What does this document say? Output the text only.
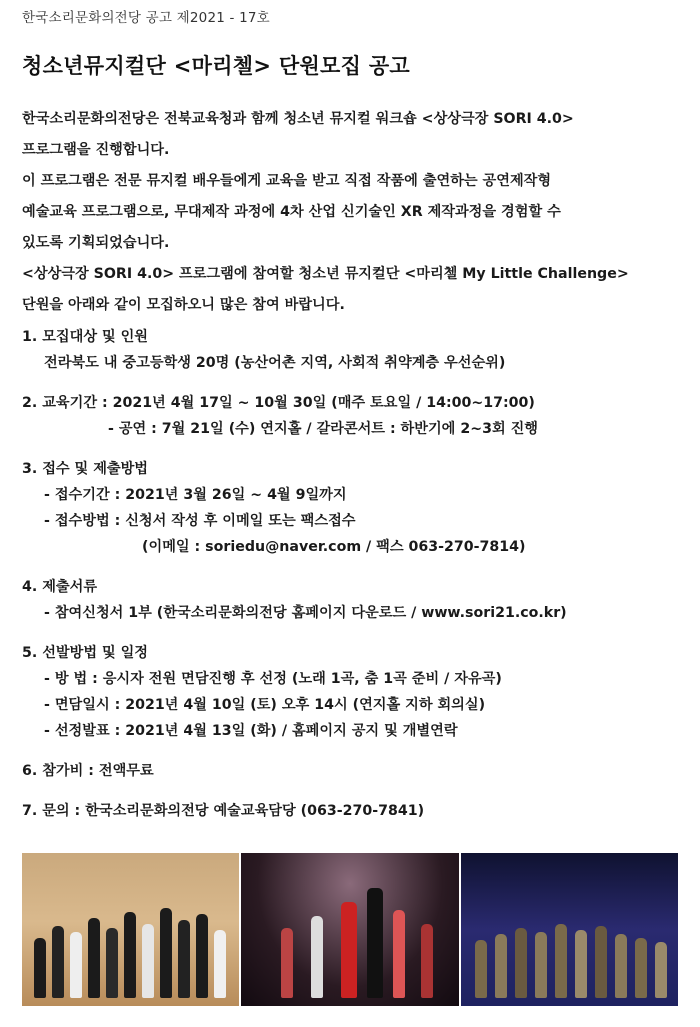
한국소리문화의전당 공고 제2021 - 17호
청소년뮤지컬단 <마리첼> 단원모집 공고
한국소리문화의전당은 전북교육청과 함께 청소년 뮤지컬 워크숍 <상상극장 SORI 4.0>
프로그램을 진행합니다.
이 프로그램은 전문 뮤지컬 배우들에게 교육을 받고 직접 작품에 출연하는 공연제작형
예술교육 프로그램으로, 무대제작 과정에 4차 산업 신기술인 XR 제작과정을 경험할 수
있도록 기획되었습니다.
<상상극장 SORI 4.0> 프로그램에 참여할 청소년 뮤지컬단 <마리첼 My Little Challenge>
단원을 아래와 같이 모집하오니 많은 참여 바랍니다.
1. 모집대상 및 인원
전라북도 내 중고등학생 20명 (농산어촌 지역, 사회적 취약계층 우선순위)
2. 교육기간 : 2021년 4월 17일 ~ 10월 30일 (매주 토요일 / 14:00~17:00)
- 공연 : 7월 21일 (수) 연지홀 / 갈라콘서트 : 하반기에 2~3회 진행
3. 접수 및 제출방법
- 접수기간 : 2021년 3월 26일 ~ 4월 9일까지
- 접수방법 : 신청서 작성 후 이메일 또는 팩스접수
(이메일 : soriedu@naver.com / 팩스 063-270-7814)
4. 제출서류
- 참여신청서 1부 (한국소리문화의전당 홈페이지 다운로드 / www.sori21.co.kr)
5. 선발방법 및 일정
- 방 법 : 응시자 전원 면담진행 후 선정 (노래 1곡, 춤 1곡 준비 / 자유곡)
- 면담일시 : 2021년 4월 10일 (토) 오후 14시 (연지홀 지하 회의실)
- 선정발표 : 2021년 4월 13일 (화) / 홈페이지 공지 및 개별연락
6. 참가비 : 전액무료
7. 문의 : 한국소리문화의전당 예술교육담당 (063-270-7841)
